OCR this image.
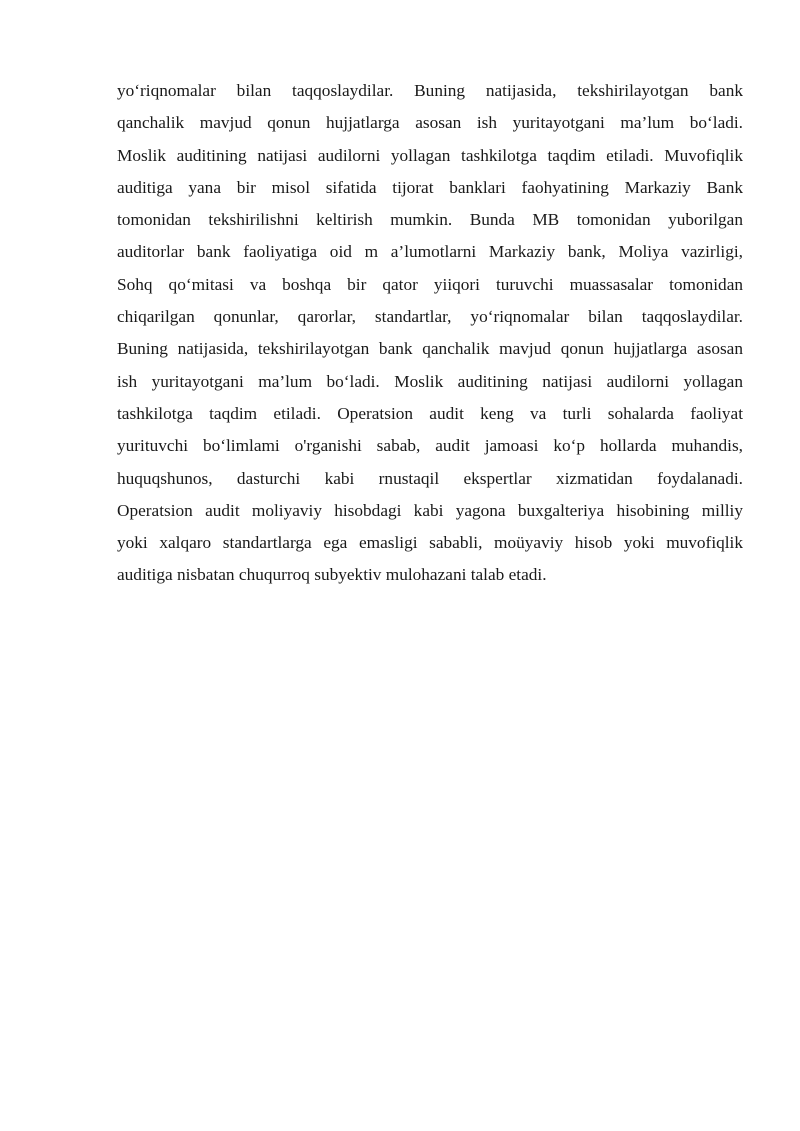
yo‘riqnomalar bilan taqqoslaydilar. Buning natijasida, tekshirilayotgan bank
qanchalik mavjud qonun hujjatlarga asosan ish yuritayotgani ma’lum bo‘ladi.
Moslik auditining natijasi audilorni yollagan tashkilotga taqdim etiladi. Muvofiqlik
auditiga yana bir misol sifatida tijorat banklari faohyatining Markaziy Bank
tomonidan tekshirilishni keltirish mumkin. Bunda MB tomonidan yuborilgan
auditorlar bank faoliyatiga oid m a’lumotlarni Markaziy bank, Moliya vazirligi,
Sohq qo‘mitasi va boshqa bir qator yiiqori turuvchi muassasalar tomonidan
chiqarilgan qonunlar, qarorlar, standartlar, yo‘riqnomalar bilan taqqoslaydilar.
Buning natijasida, tekshirilayotgan bank qanchalik mavjud qonun hujjatlarga asosan
ish yuritayotgani ma’lum bo‘ladi. Moslik auditining natijasi audilorni yollagan
tashkilotga taqdim etiladi. Operatsion audit keng va turli sohalarda faoliyat
yurituvchi bo‘limlami o'rganishi sabab, audit jamoasi ko‘p hollarda muhandis,
huquqshunos, dasturchi kabi rnustaqil ekspertlar xizmatidan foydalanadi.
Operatsion audit moliyaviy hisobdagi kabi yagona buxgalteriya hisobining milliy
yoki xalqaro standartlarga ega emasligi sababli, moüyaviy hisob yoki muvofiqlik
auditiga nisbatan chuqurroq subyektiv mulohazani talab etadi.
